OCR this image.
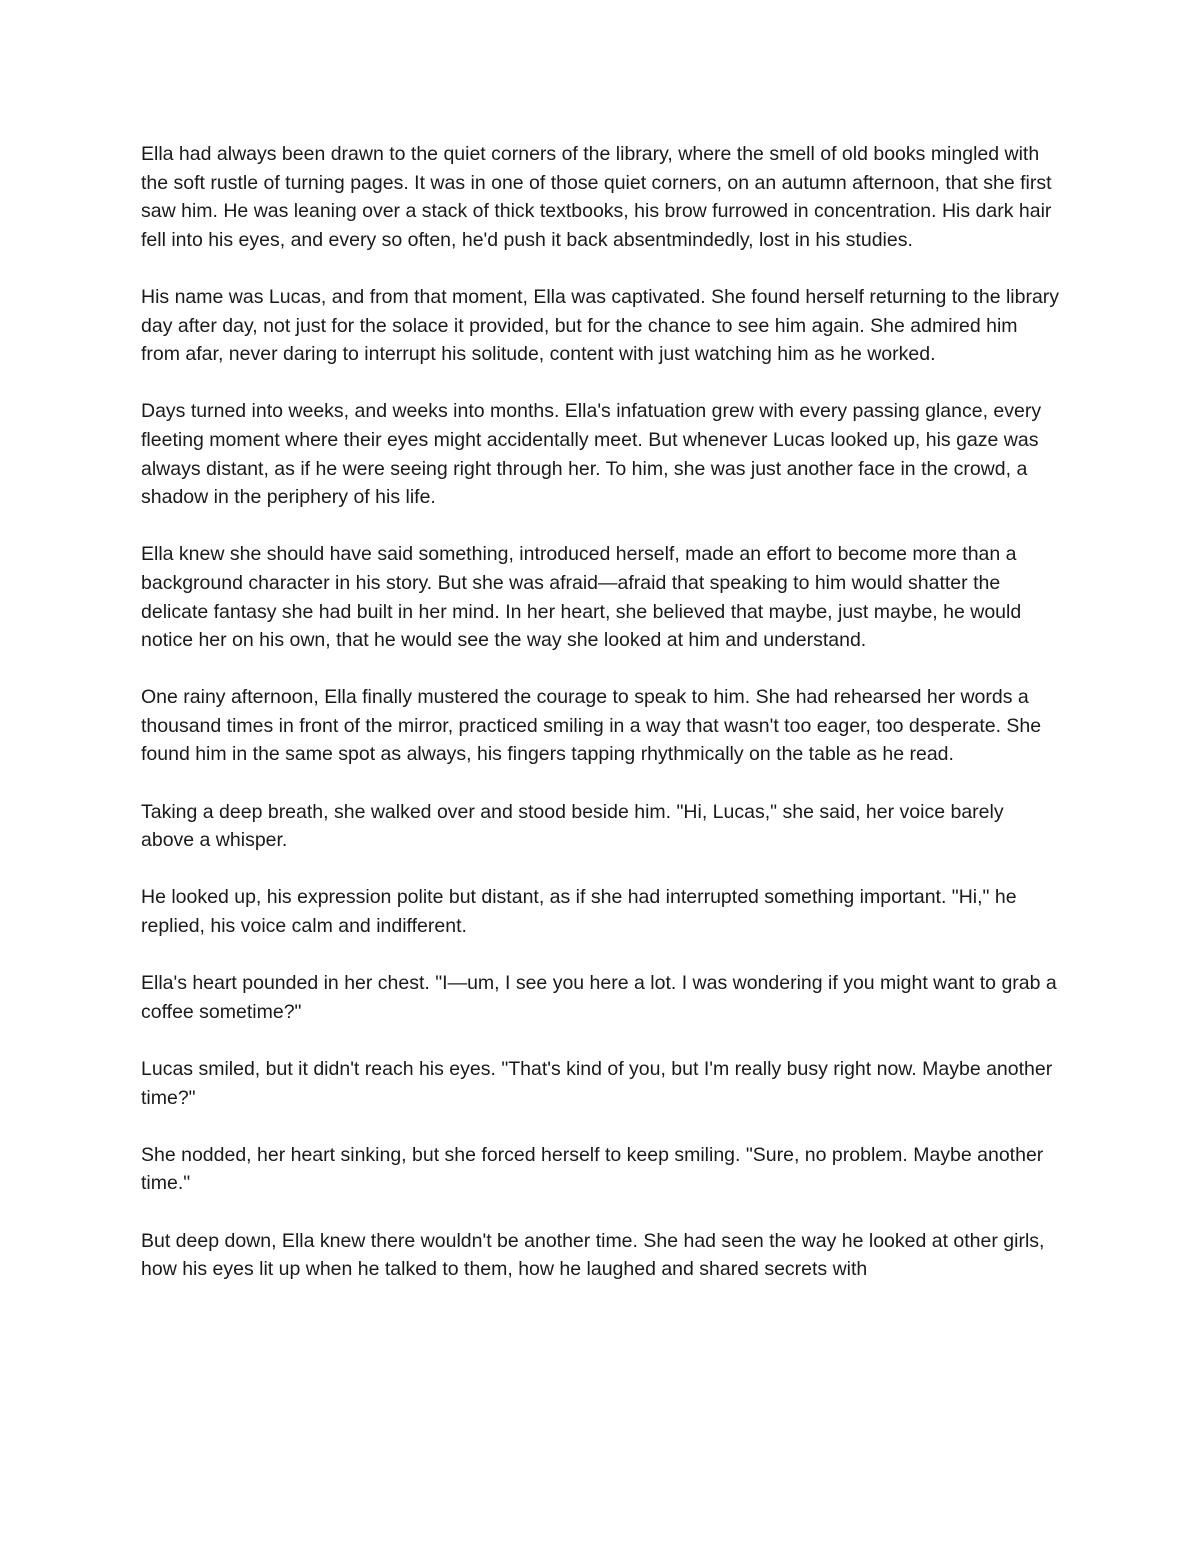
Ella had always been drawn to the quiet corners of the library, where the smell of old books mingled with the soft rustle of turning pages. It was in one of those quiet corners, on an autumn afternoon, that she first saw him. He was leaning over a stack of thick textbooks, his brow furrowed in concentration. His dark hair fell into his eyes, and every so often, he'd push it back absentmindedly, lost in his studies.

His name was Lucas, and from that moment, Ella was captivated. She found herself returning to the library day after day, not just for the solace it provided, but for the chance to see him again. She admired him from afar, never daring to interrupt his solitude, content with just watching him as he worked.

Days turned into weeks, and weeks into months. Ella's infatuation grew with every passing glance, every fleeting moment where their eyes might accidentally meet. But whenever Lucas looked up, his gaze was always distant, as if he were seeing right through her. To him, she was just another face in the crowd, a shadow in the periphery of his life.

Ella knew she should have said something, introduced herself, made an effort to become more than a background character in his story. But she was afraid—afraid that speaking to him would shatter the delicate fantasy she had built in her mind. In her heart, she believed that maybe, just maybe, he would notice her on his own, that he would see the way she looked at him and understand.

One rainy afternoon, Ella finally mustered the courage to speak to him. She had rehearsed her words a thousand times in front of the mirror, practiced smiling in a way that wasn't too eager, too desperate. She found him in the same spot as always, his fingers tapping rhythmically on the table as he read.

Taking a deep breath, she walked over and stood beside him. "Hi, Lucas," she said, her voice barely above a whisper.

He looked up, his expression polite but distant, as if she had interrupted something important. "Hi," he replied, his voice calm and indifferent.

Ella's heart pounded in her chest. "I—um, I see you here a lot. I was wondering if you might want to grab a coffee sometime?"

Lucas smiled, but it didn't reach his eyes. "That's kind of you, but I'm really busy right now. Maybe another time?"

She nodded, her heart sinking, but she forced herself to keep smiling. "Sure, no problem. Maybe another time."

But deep down, Ella knew there wouldn't be another time. She had seen the way he looked at other girls, how his eyes lit up when he talked to them, how he laughed and shared secrets with
